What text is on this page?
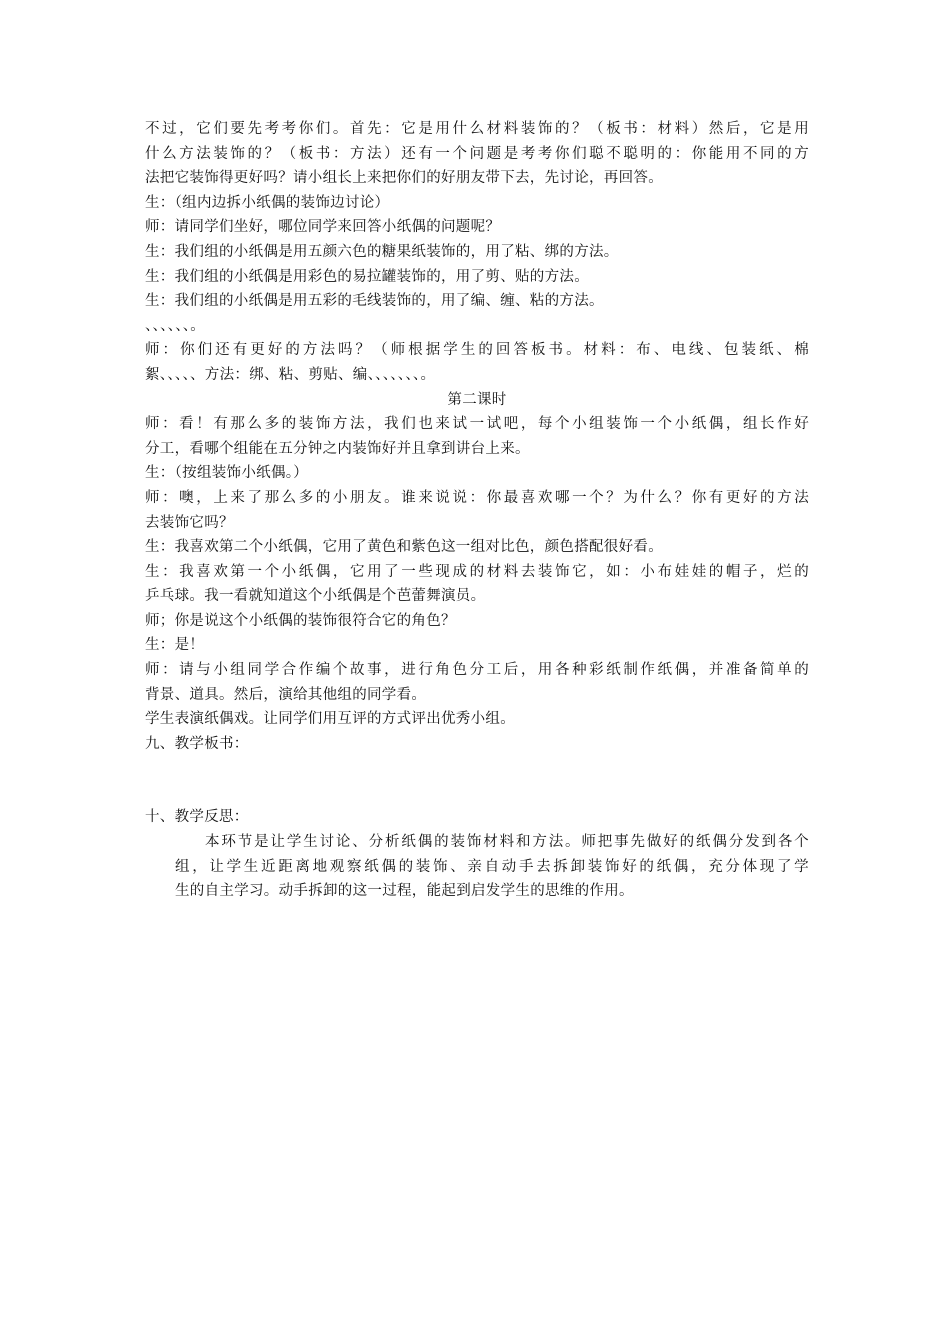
不过，它们要先考考你们。首先：它是用什么材料装饰的？（板书：材料）然后，它是用
什么方法装饰的？（板书：方法）还有一个问题是考考你们聪不聪明的：你能用不同的方
法把它装饰得更好吗？请小组长上来把你们的好朋友带下去，先讨论，再回答。
生：（组内边拆小纸偶的装饰边讨论）
师：请同学们坐好，哪位同学来回答小纸偶的问题呢？
生：我们组的小纸偶是用五颜六色的糖果纸装饰的，用了粘、绑的方法。
生：我们组的小纸偶是用彩色的易拉罐装饰的，用了剪、贴的方法。
生：我们组的小纸偶是用五彩的毛线装饰的，用了编、缠、粘的方法。
、、、、、、。
师：你们还有更好的方法吗？（师根据学生的回答板书。材料：布、电线、包装纸、棉
絮、、、、、方法：绑、粘、剪贴、编、、、、、、、。
第二课时
师：看！有那么多的装饰方法，我们也来试一试吧，每个小组装饰一个小纸偶，组长作好
分工，看哪个组能在五分钟之内装饰好并且拿到讲台上来。
生：（按组装饰小纸偶。）
师：噢，上来了那么多的小朋友。谁来说说：你最喜欢哪一个？为什么？你有更好的方法
去装饰它吗？
生：我喜欢第二个小纸偶，它用了黄色和紫色这一组对比色，颜色搭配很好看。
生：我喜欢第一个小纸偶，它用了一些现成的材料去装饰它，如：小布娃娃的帽子，烂的
乒乓球。我一看就知道这个小纸偶是个芭蕾舞演员。
师；你是说这个小纸偶的装饰很符合它的角色？
生：是！
师：请与小组同学合作编个故事，进行角色分工后，用各种彩纸制作纸偶，并准备简单的
背景、道具。然后，演给其他组的同学看。
学生表演纸偶戏。让同学们用互评的方式评出优秀小组。
九、教学板书：
十、教学反思：
本环节是让学生讨论、分析纸偶的装饰材料和方法。师把事先做好的纸偶分发到各个
组，让学生近距离地观察纸偶的装饰、亲自动手去拆卸装饰好的纸偶，充分体现了学
生的自主学习。动手拆卸的这一过程，能起到启发学生的思维的作用。
